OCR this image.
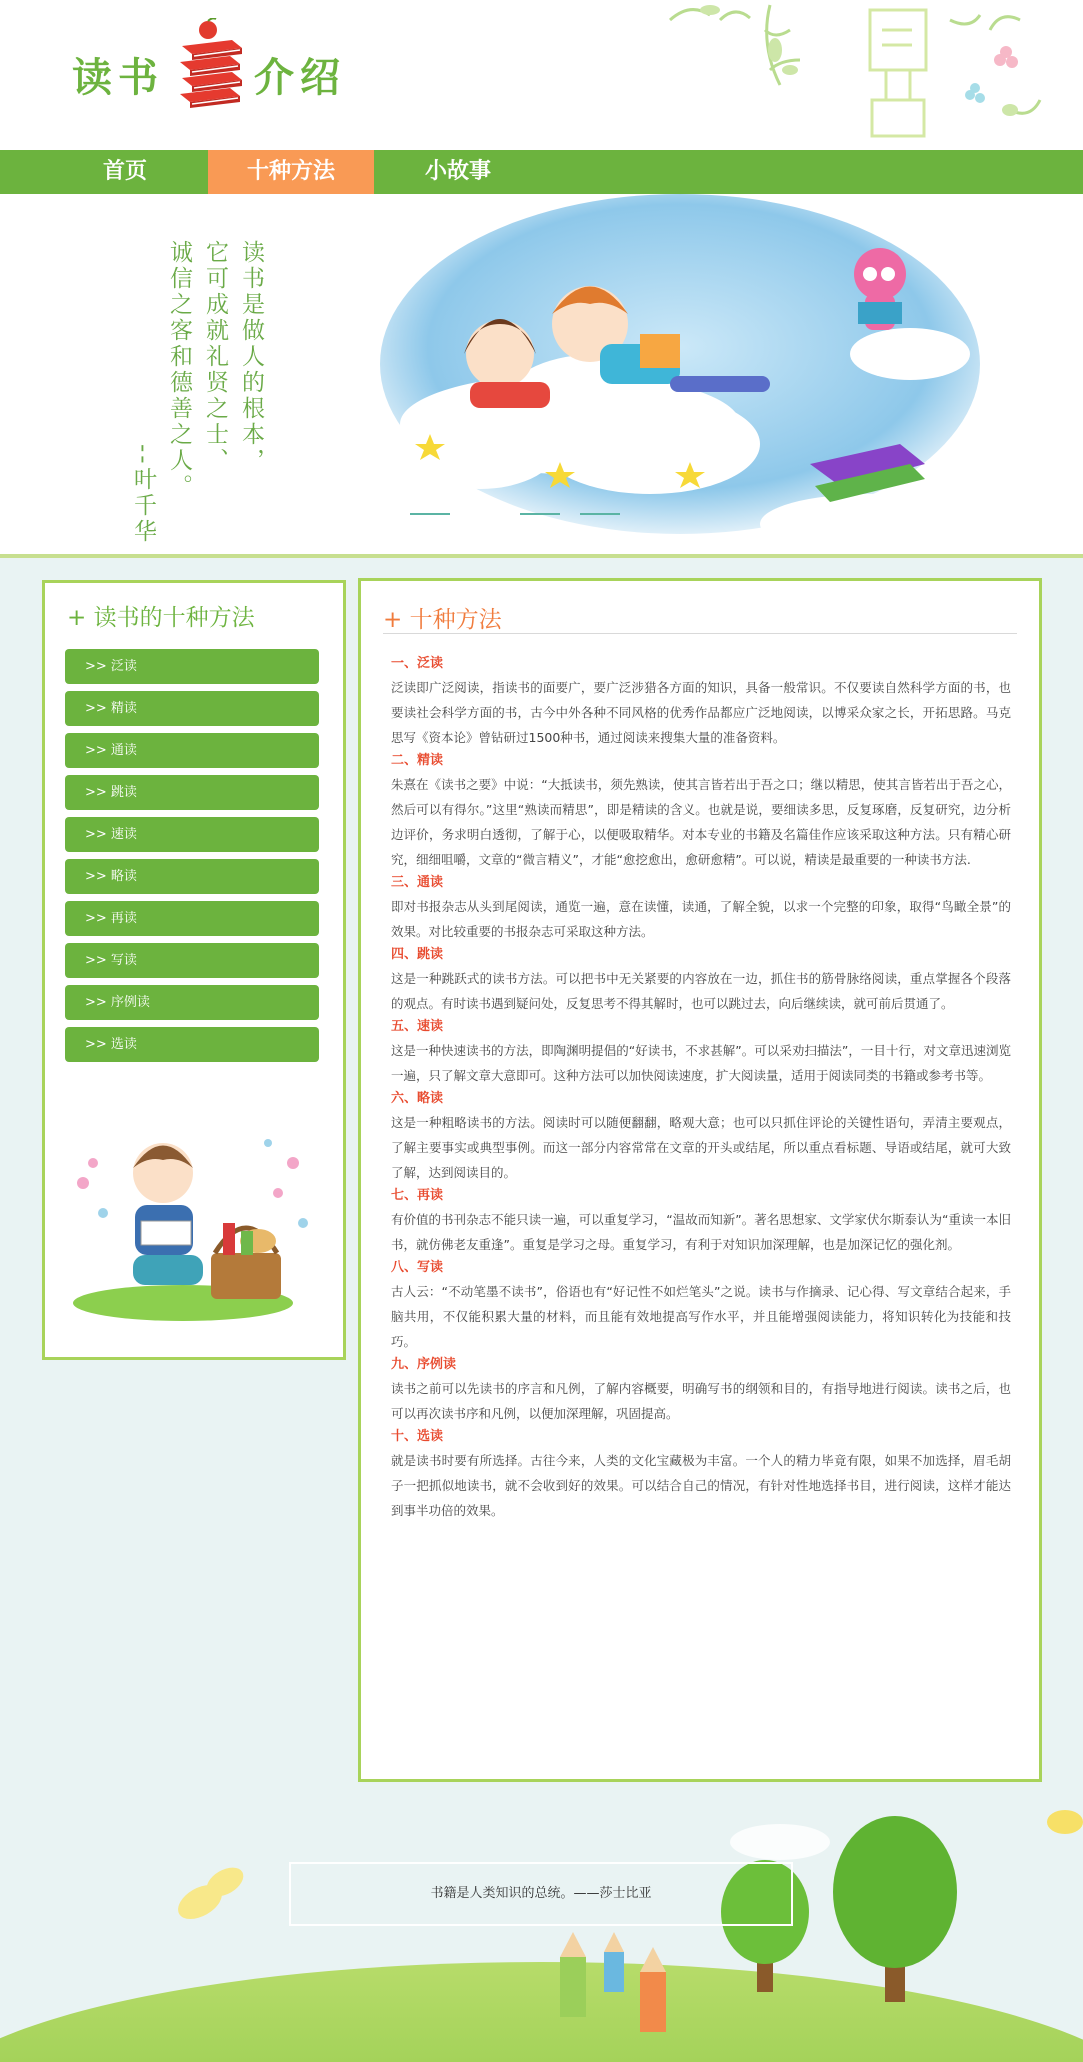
读书 介绍
首页	十种方法	小故事
读书是做人的根本，
它可成就礼贤之士、
诚信之客和德善之人。
--叶千华
+ 读书的十种方法
>> 泛读
>> 精读
>> 通读
>> 跳读
>> 速读
>> 略读
>> 再读
>> 写读
>> 序例读
>> 选读
+ 十种方法
一、泛读
泛读即广泛阅读，指读书的面要广，要广泛涉猎各方面的知识，具备一般常识。不仅要读自然科学方面的书，也要读社会科学方面的书，古今中外各种不同风格的优秀作品都应广泛地阅读，以博采众家之长，开拓思路。马克思写《资本论》曾钻研过1500种书，通过阅读来搜集大量的准备资料。
二、精读
朱熹在《读书之要》中说：“大抵读书，须先熟读，使其言皆若出于吾之口；继以精思，使其言皆若出于吾之心，然后可以有得尔。”这里“熟读而精思”，即是精读的含义。也就是说，要细读多思，反复琢磨，反复研究，边分析边评价，务求明白透彻，了解于心，以便吸取精华。对本专业的书籍及名篇佳作应该采取这种方法。只有精心研究，细细咀嚼，文章的“微言精义”，才能“愈挖愈出，愈研愈精”。可以说，精读是最重要的一种读书方法.
三、通读
即对书报杂志从头到尾阅读，通览一遍，意在读懂，读通，了解全貌，以求一个完整的印象，取得“鸟瞰全景”的效果。对比较重要的书报杂志可采取这种方法。
四、跳读
这是一种跳跃式的读书方法。可以把书中无关紧要的内容放在一边，抓住书的筋骨脉络阅读，重点掌握各个段落的观点。有时读书遇到疑问处，反复思考不得其解时，也可以跳过去，向后继续读，就可前后贯通了。
五、速读
这是一种快速读书的方法，即陶渊明提倡的“好读书，不求甚解”。可以采劝扫描法”，一目十行，对文章迅速浏览一遍，只了解文章大意即可。这种方法可以加快阅读速度，扩大阅读量，适用于阅读同类的书籍或参考书等。
六、略读
这是一种粗略读书的方法。阅读时可以随便翻翻，略观大意；也可以只抓住评论的关键性语句，弄清主要观点，了解主要事实或典型事例。而这一部分内容常常在文章的开头或结尾，所以重点看标题、导语或结尾，就可大致了解，达到阅读目的。
七、再读
有价值的书刊杂志不能只读一遍，可以重复学习，“温故而知新”。著名思想家、文学家伏尔斯泰认为“重读一本旧书，就仿佛老友重逢”。重复是学习之母。重复学习，有利于对知识加深理解，也是加深记忆的强化剂。
八、写读
古人云：“不动笔墨不读书”，俗语也有“好记性不如烂笔头”之说。读书与作摘录、记心得、写文章结合起来，手脑共用，不仅能积累大量的材料，而且能有效地提高写作水平，并且能增强阅读能力，将知识转化为技能和技巧。
九、序例读
读书之前可以先读书的序言和凡例，了解内容概要，明确写书的纲领和目的，有指导地进行阅读。读书之后，也可以再次读书序和凡例，以便加深理解，巩固提高。
十、选读
就是读书时要有所选择。古往今来，人类的文化宝藏极为丰富。一个人的精力毕竟有限，如果不加选择，眉毛胡子一把抓似地读书，就不会收到好的效果。可以结合自己的情况，有针对性地选择书目，进行阅读，这样才能达到事半功倍的效果。
书籍是人类知识的总统。——莎士比亚
